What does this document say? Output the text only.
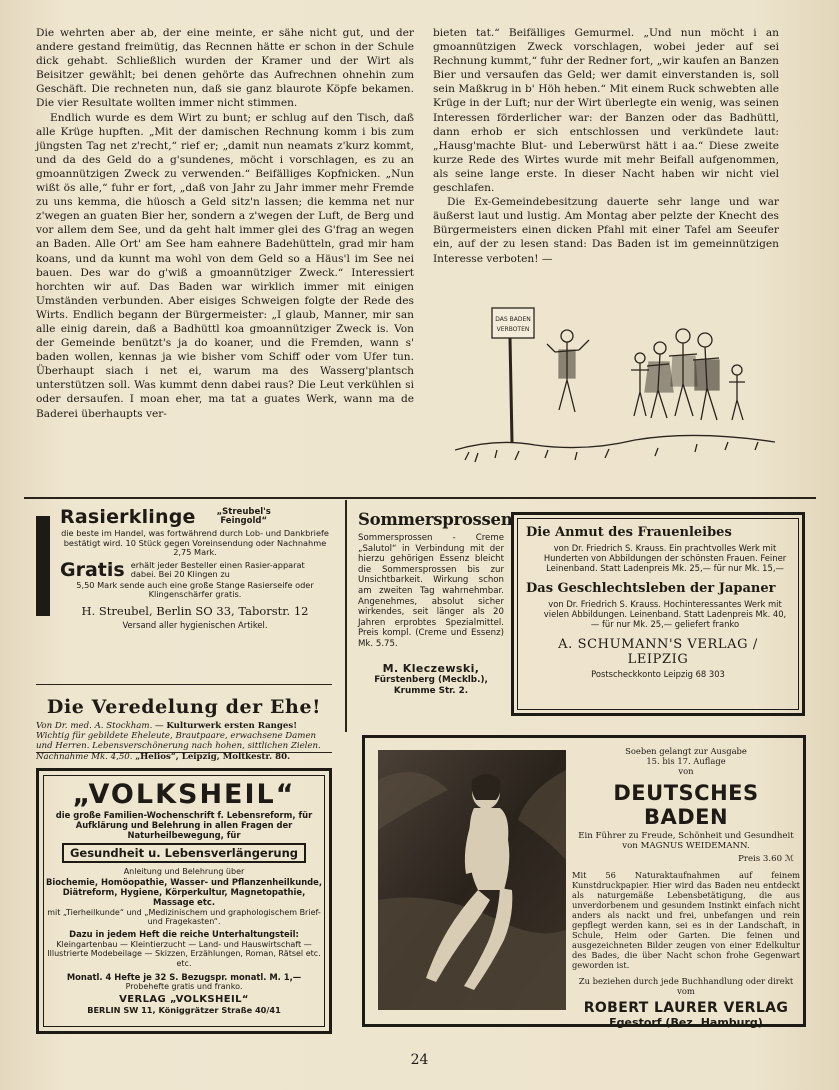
Die wehrten aber ab, der eine meinte, er sähe nicht gut, und der andere gestand freimütig, das Recnnen hätte er schon in der Schule dick gehabt. Schließlich wurden der Kramer und der Wirt als Beisitzer gewählt; bei denen gehörte das Aufrechnen ohnehin zum Geschäft. Die rechneten nun, daß sie ganz blaurote Köpfe bekamen. Die vier Resultate wollten immer nicht stimmen.

Endlich wurde es dem Wirt zu bunt; er schlug auf den Tisch, daß alle Krüge hupften. „Mit der damischen Rechnung komm i bis zum jüngsten Tag net z'recht,“ rief er; „damit nun neamats z'kurz kommt, und da des Geld do a g'sundenes, möcht i vorschlagen, es zu an gmoannützigen Zweck zu verwenden.“ Beifälliges Kopfnicken. „Nun wißt ös alle,“ fuhr er fort, „daß von Jahr zu Jahr immer mehr Fremde zu uns kemma, die hüosch a Geld sitz'n lassen; die kemma net nur z'wegen an guaten Bier her, sondern a z'wegen der Luft, de Berg und vor allem dem See, und da geht halt immer glei des G'frag an wegen an Baden. Alle Ort' am See ham eahnere Badehütteln, grad mir ham koans, und da kunnt ma wohl von dem Geld so a Häus'l im See nei bauen. Des war do g'wiß a gmoannütziger Zweck.“ Interessiert horchten wir auf. Das Baden war wirklich immer mit einigen Umständen verbunden. Aber eisiges Schweigen folgte der Rede des Wirts. Endlich begann der Bürgermeister: „I glaub, Manner, mir san alle einig darein, daß a Badhüttl koa gmoannütziger Zweck is. Von der Gemeinde benützt's ja do koaner, und die Fremden, wann s' baden wollen, kennas ja wie bisher vom Schiff oder vom Ufer tun. Überhaupt siach i net ei, warum ma des Wasserg'plantsch unterstützen soll. Was kummt denn dabei raus? Die Leut verkühlen si oder dersaufen. I moan eher, ma tat a guates Werk, wann ma de Baderei überhaupts ver-

bieten tat.“ Beifälliges Gemurmel. „Und nun möcht i an gmoannützigen Zweck vorschlagen, wobei jeder auf sei Rechnung kummt,“ fuhr der Redner fort, „wir kaufen an Banzen Bier und versaufen das Geld; wer damit einverstanden is, soll sein Maßkrug in b' Höh heben.“ Mit einem Ruck schwebten alle Krüge in der Luft; nur der Wirt überlegte ein wenig, was seinen Interessen förderlicher war: der Banzen oder das Badhüttl, dann erhob er sich entschlossen und verkündete laut: „Hausg'machte Blut- und Leberwürst hätt i aa.“ Diese zweite kurze Rede des Wirtes wurde mit mehr Beifall aufgenommen, als seine lange erste. In dieser Nacht haben wir nicht viel geschlafen.

Die Ex-Gemeindebesitzung dauerte sehr lange und war äußerst laut und lustig. Am Montag aber pelzte der Knecht des Bürgermeisters einen dicken Pfahl mit einer Tafel am Seeufer ein, auf der zu lesen stand: Das Baden ist im gemeinnützigen Interesse verboten! —

DAS BADEN
VERBOTEN
Rasierklinge „Streubel's Feingold“
die beste im Handel, was fortwährend durch Lob- und Dankbriefe bestätigt wird. 10 Stück gegen Voreinsendung oder Nachnahme 2,75 Mark.
Gratis erhält jeder Besteller einen Rasier-apparat dabei. Bei 20 Klingen zu
5,50 Mark sende auch eine große Stange Rasierseife oder Klingenschärfer gratis.
H. Streubel, Berlin SO 33, Taborstr. 12
Versand aller hygienischen Artikel.
Die Veredelung der Ehe!
Von Dr. med. A. Stockham. — Kulturwerk ersten Ranges! Wichtig für gebildete Eheleute, Brautpaare, erwachsene Damen und Herren. Lebensverschönerung nach hohen, sittlichen Zielen. Nachnahme Mk. 4,50. „Helios“, Leipzig, Moltkestr. 80.
„VOLKSHEIL“
die große Familien-Wochenschrift f. Lebensreform, für Aufklärung und Belehrung in allen Fragen der Naturheilbewegung, für
Gesundheit u. Lebensverlängerung
Anleitung und Belehrung über
Biochemie, Homöopathie, Wasser- und Pflanzenheilkunde, Diätreform, Hygiene, Körperkultur, Magnetopathie, Massage etc.
mit „Tierheilkunde“ und „Medizinischem und graphologischem Brief- und Fragekasten“.
Dazu in jedem Heft die reiche Unterhaltungsteil:
Kleingartenbau — Kleintierzucht — Land- und Hauswirtschaft — Illustrierte Modebeilage — Skizzen, Erzählungen, Roman, Rätsel etc. etc.
Monatl. 4 Hefte je 32 S. Bezugspr. monatl. M. 1,—
Probehefte gratis und franko.
VERLAG „VOLKSHEIL“
BERLIN SW 11, Königgrätzer Straße 40/41
Sommersprossen
Sommersprossen - Creme „Salutol“ in Verbindung mit der hierzu gehörigen Essenz bleicht die Sommersprossen bis zur Unsichtbarkeit. Wirkung schon am zweiten Tag wahrnehmbar. Angenehmes, absolut sicher wirkendes, seit länger als 20 Jahren erprobtes Spezialmittel. Preis kompl. (Creme und Essenz) Mk. 5.75.
M. Kleczewski,
Fürstenberg (Mecklb.),
Krumme Str. 2.
Die Anmut des Frauenleibes
von Dr. Friedrich S. Krauss. Ein prachtvolles Werk mit Hunderten von Abbildungen der schönsten Frauen. Feiner Leinenband. Statt Ladenpreis Mk. 25,— für nur Mk. 15,—
Das Geschlechtsleben der Japaner
von Dr. Friedrich S. Krauss. Hochinteressantes Werk mit vielen Abbildungen. Leinenband. Statt Ladenpreis Mk. 40,— für nur Mk. 25,— geliefert franko
A. SCHUMANN'S VERLAG / LEIPZIG
Postscheckkonto Leipzig 68 303
Soeben gelangt zur Ausgabe
15. bis 17. Auflage
von
DEUTSCHES BADEN
Ein Führer zu Freude, Schönheit und Gesundheit von MAGNUS WEIDEMANN.
Preis 3.60 ℳ
Mit 56 Naturaktaufnahmen auf feinem Kunstdruckpapier. Hier wird das Baden neu entdeckt als naturgemäße Lebensbetätigung, die aus unverdorbenem und gesundem Instinkt einfach nicht anders als nackt und frei, unbefangen und rein gepflegt werden kann, sei es in der Landschaft, in Schule, Heim oder Garten. Die feinen und ausgezeichneten Bilder zeugen von einer Edelkultur des Bades, die über Nacht schon frohe Gegenwart geworden ist.
Zu beziehen durch jede Buchhandlung oder direkt vom
ROBERT LAURER VERLAG
Egestorf (Bez. Hamburg)
24
